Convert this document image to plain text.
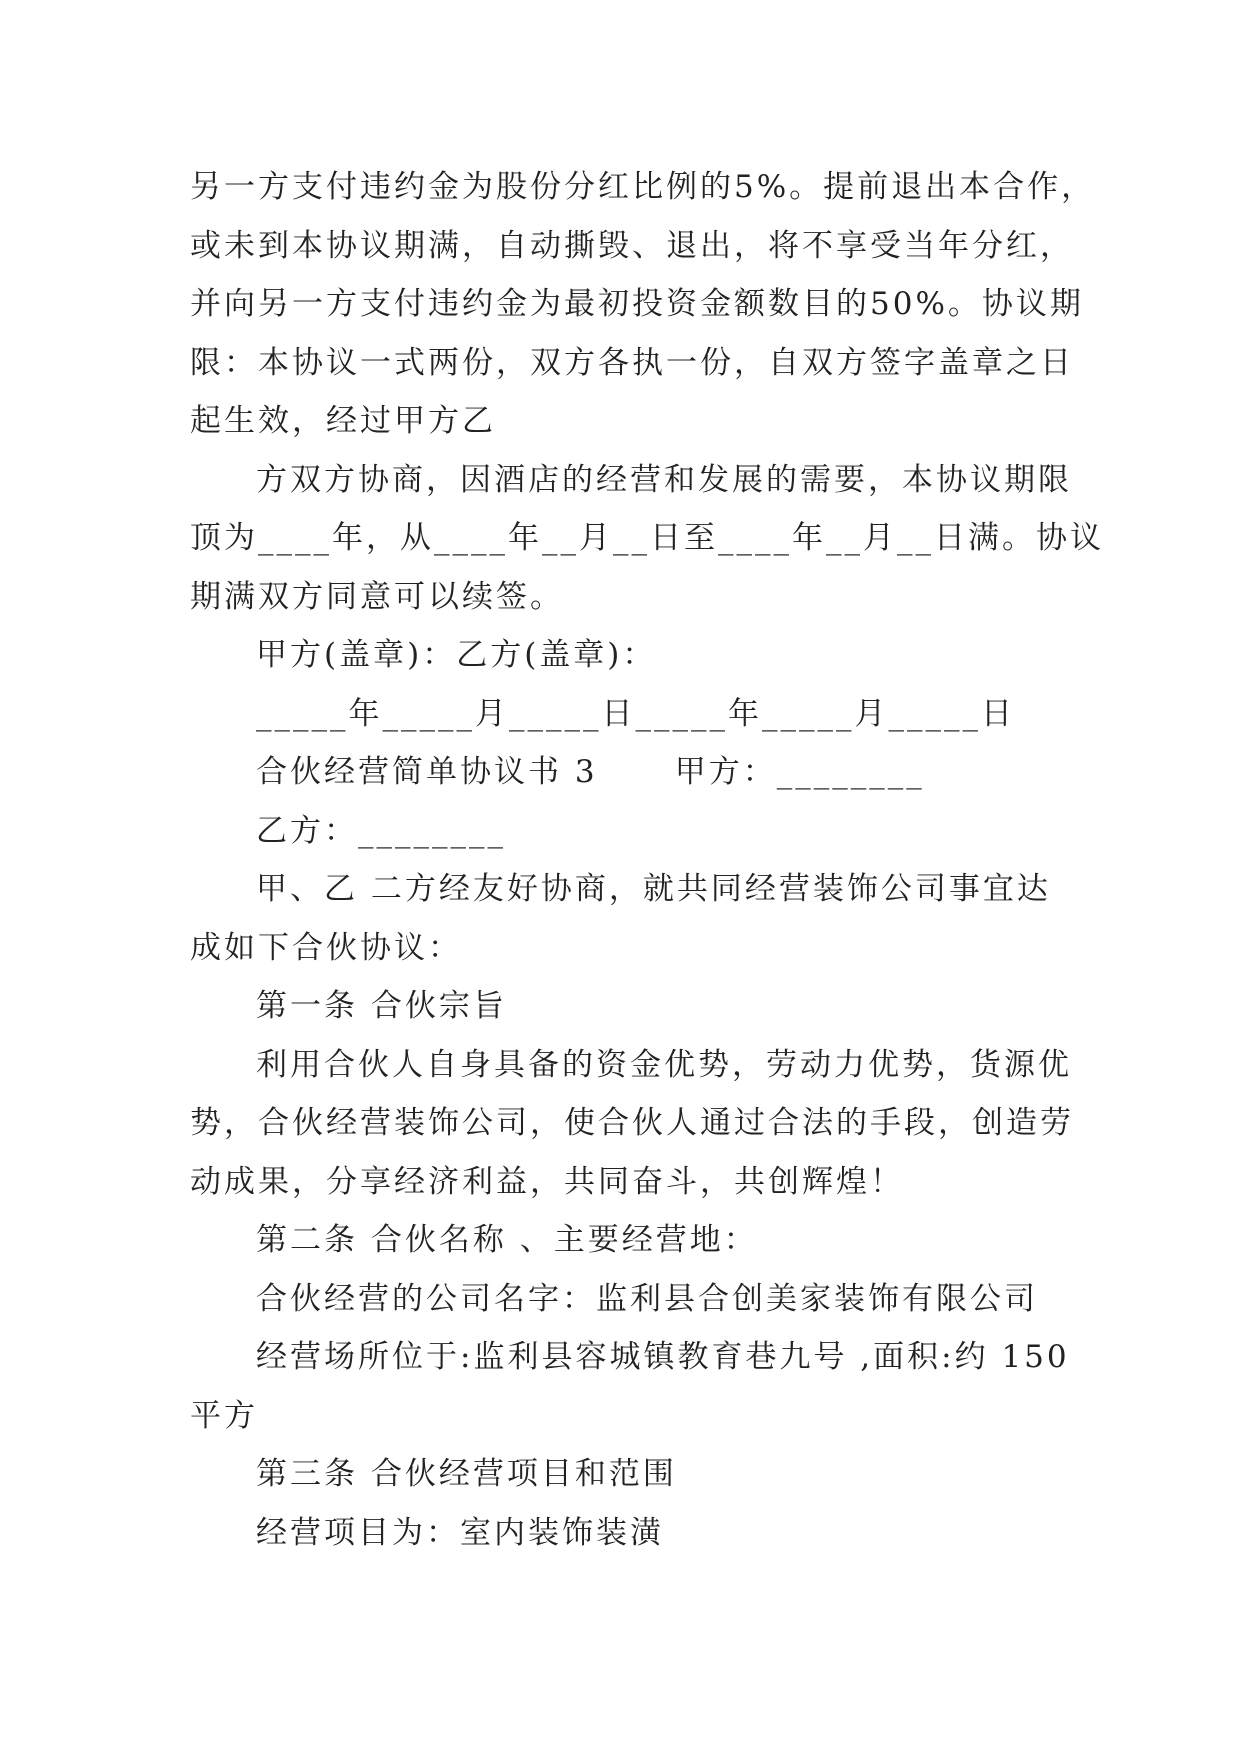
另一方支付违约金为股份分红比例的5%。提前退出本合作，
或未到本协议期满，自动撕毁、退出，将不享受当年分红，
并向另一方支付违约金为最初投资金额数目的50%。协议期
限：本协议一式两份，双方各执一份，自双方签字盖章之日
起生效，经过甲方乙
方双方协商，因酒店的经营和发展的需要，本协议期限
顶为____年，从____年__月__日至____年__月__日满。协议
期满双方同意可以续签。
甲方(盖章)：乙方(盖章)：
_____年_____月_____日_____年_____月_____日
合伙经营简单协议书 3      甲方：________
乙方：________
甲、乙 二方经友好协商，就共同经营装饰公司事宜达
成如下合伙协议：
第一条 合伙宗旨
利用合伙人自身具备的资金优势，劳动力优势，货源优
势，合伙经营装饰公司，使合伙人通过合法的手段，创造劳
动成果，分享经济利益，共同奋斗，共创辉煌！
第二条 合伙名称 、主要经营地：
合伙经营的公司名字：监利县合创美家装饰有限公司
经营场所位于:监利县容城镇教育巷九号 ,面积:约 150
平方
第三条 合伙经营项目和范围
经营项目为：室内装饰装潢
